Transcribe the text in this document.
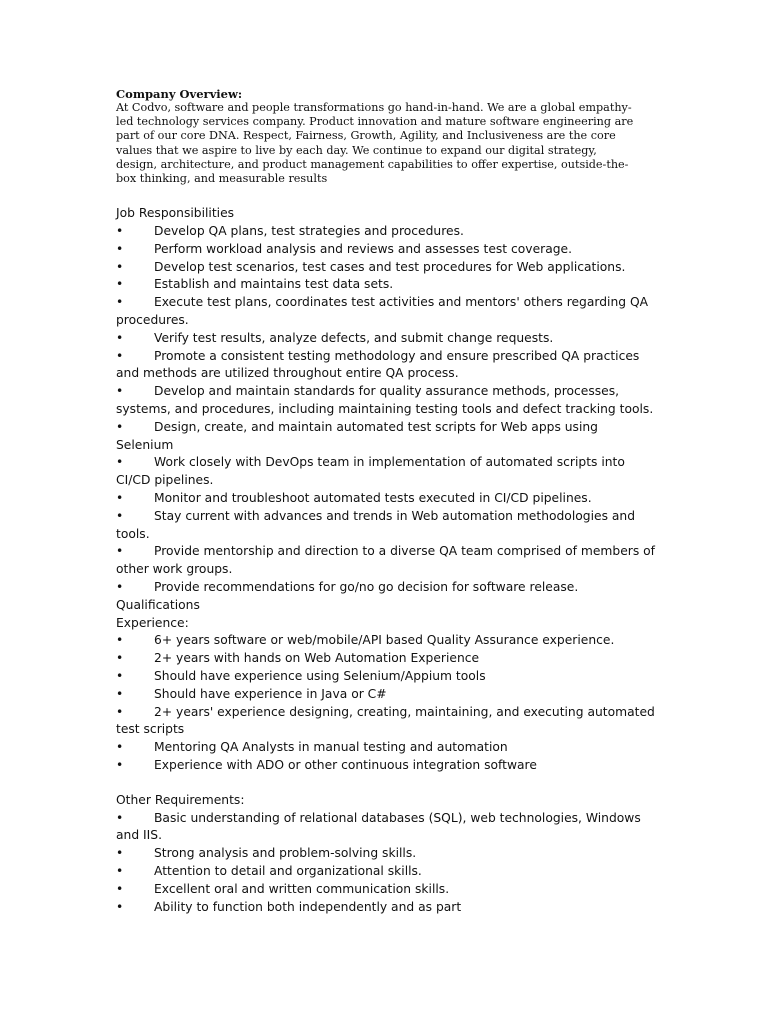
Company Overview:

At Codvo, software and people transformations go hand-in-hand. We are a global empathy-led technology services company. Product innovation and mature software engineering are part of our core DNA. Respect, Fairness, Growth, Agility, and Inclusiveness are the core values that we aspire to live by each day. We continue to expand our digital strategy, design, architecture, and product management capabilities to offer expertise, outside-the-box thinking, and measurable results

Job Responsibilities

• Develop QA plans, test strategies and procedures.
• Perform workload analysis and reviews and assesses test coverage.
• Develop test scenarios, test cases and test procedures for Web applications.
• Establish and maintains test data sets.
• Execute test plans, coordinates test activities and mentors' others regarding QA procedures.
• Verify test results, analyze defects, and submit change requests.
• Promote a consistent testing methodology and ensure prescribed QA practices and methods are utilized throughout entire QA process.
• Develop and maintain standards for quality assurance methods, processes, systems, and procedures, including maintaining testing tools and defect tracking tools.
• Design, create, and maintain automated test scripts for Web apps using Selenium
• Work closely with DevOps team in implementation of automated scripts into CI/CD pipelines.
• Monitor and troubleshoot automated tests executed in CI/CD pipelines.
• Stay current with advances and trends in Web automation methodologies and tools.
• Provide mentorship and direction to a diverse QA team comprised of members of other work groups.
• Provide recommendations for go/no go decision for software release.

Qualifications

Experience:

• 6+ years software or web/mobile/API based Quality Assurance experience.
• 2+ years with hands on Web Automation Experience
• Should have experience using Selenium/Appium tools
• Should have experience in Java or C#
• 2+ years' experience designing, creating, maintaining, and executing automated test scripts
• Mentoring QA Analysts in manual testing and automation
• Experience with ADO or other continuous integration software

Other Requirements:

• Basic understanding of relational databases (SQL), web technologies, Windows and IIS.
• Strong analysis and problem-solving skills.
• Attention to detail and organizational skills.
• Excellent oral and written communication skills.
• Ability to function both independently and as part
